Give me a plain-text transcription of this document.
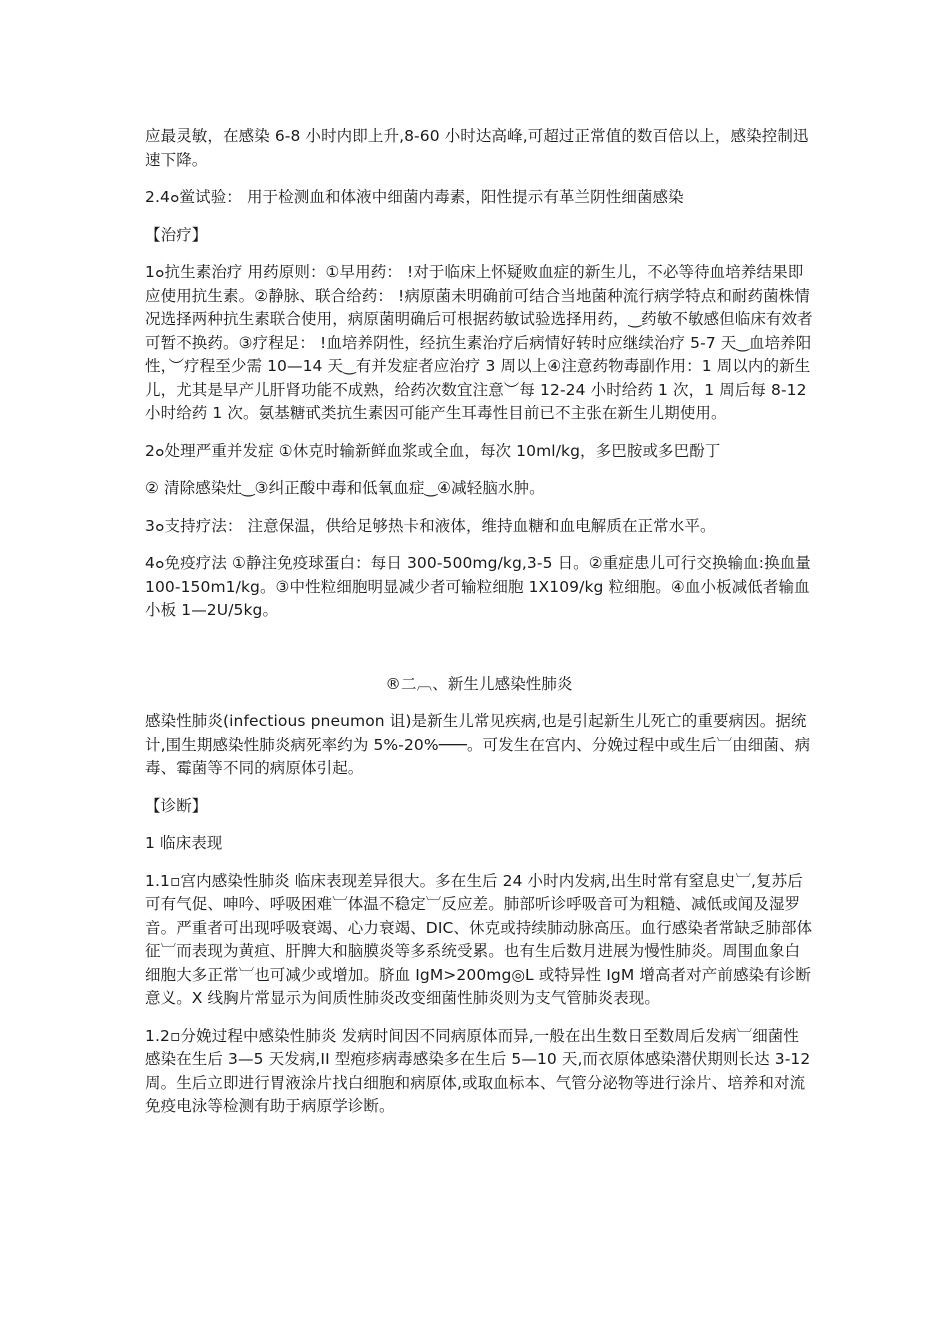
应最灵敏，在感染 6-8 小时内即上升,8-60 小时达高峰,可超过正常值的数百倍以上，感染控制迅速下降。

2.4๐鲎试验： 用于检测血和体液中细菌内毒素，阳性提示有革兰阴性细菌感染

【治疗】

1๐抗生素治疗 用药原则：①早用药： !对于临床上怀疑败血症的新生儿，不必等待血培养结果即应使用抗生素。②静脉、联合给药： !病原菌未明确前可结合当地菌种流行病学特点和耐药菌株情况选择两种抗生素联合使用，病原菌明确后可根据药敏试验选择用药，‿药敏不敏感但临床有效者可暂不换药。③疗程足： !血培养阴性，经抗生素治疗后病情好转时应继续治疗 5-7 天‿血培养阳性，︶疗程至少需 10—14 天‿有并发症者应治疗 3 周以上④注意药物毒副作用：1 周以内的新生儿，尤其是早产儿肝肾功能不成熟，给药次数宜注意︶每 12-24 小时给药 1 次，1 周后每 8-12 小时给药 1 次。氨基糖甙类抗生素因可能产生耳毒性目前已不主张在新生儿期使用。

2๐处理严重并发症 ①休克时输新鲜血浆或全血，每次 10ml/kg，多巴胺或多巴酚丁

② 清除感染灶‿③纠正酸中毒和低氧血症‿④减轻脑水肿。

3๐支持疗法： 注意保温，供给足够热卡和液体，维持血糖和血电解质在正常水平。

4๐免疫疗法 ①静注免疫球蛋白：每日 300-500mg/kg,3-5 日。②重症患儿可行交换输血:换血量 100-150m1/kg。③中性粒细胞明显减少者可输粒细胞 1X109/kg 粒细胞。④血小板减低者输血小板 1—2U/5kg。

®二︹、新生儿感染性肺炎

感染性肺炎(infectious pneumon 诅)是新生儿常见疾病,也是引起新生儿死亡的重要病因。据统计,围生期感染性肺炎病死率约为 5%-20%───。可发生在宫内、分娩过程中或生后︺由细菌、病毒、霉菌等不同的病原体引起。

【诊断】

1 临床表现

1.1▫宫内感染性肺炎 临床表现差异很大。多在生后 24 小时内发病,出生时常有窒息史︺,复苏后可有气促、呻吟、呼吸困难︺体温不稳定︺反应差。肺部听诊呼吸音可为粗糙、减低或闻及湿罗音。严重者可出现呼吸衰竭、心力衰竭、DIC、休克或持续肺动脉高压。血行感染者常缺乏肺部体征︺而表现为黄疸、肝脾大和脑膜炎等多系统受累。也有生后数月进展为慢性肺炎。周围血象白细胞大多正常︺也可减少或增加。脐血 IgM>200mg◎L 或特异性 IgM 增高者对产前感染有诊断意义。X 线胸片常显示为间质性肺炎改变细菌性肺炎则为支气管肺炎表现。

1.2▫分娩过程中感染性肺炎 发病时间因不同病原体而异,一般在出生数日至数周后发病︺细菌性感染在生后 3—5 天发病,II 型疱疹病毒感染多在生后 5—10 天,而衣原体感染潜伏期则长达 3-12 周。生后立即进行胃液涂片找白细胞和病原体,或取血标本、气管分泌物等进行涂片、培养和对流免疫电泳等检测有助于病原学诊断。
